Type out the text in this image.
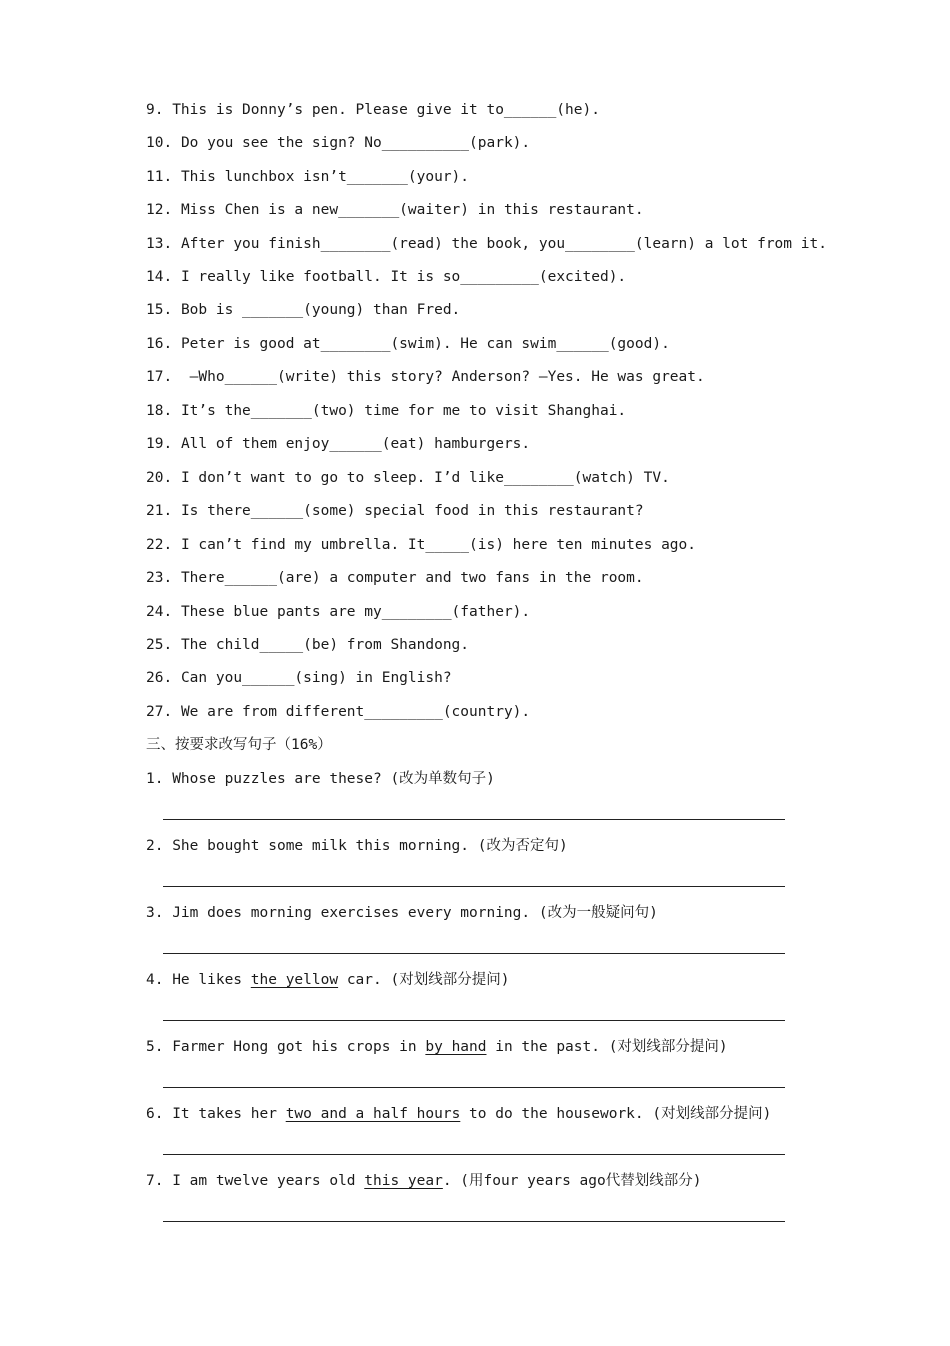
9. This is Donny’s pen. Please give it to______(he).
10. Do you see the sign? No__________(park).
11. This lunchbox isn’t_______(your).
12. Miss Chen is a new_______(waiter) in this restaurant.
13. After you finish________(read) the book, you________(learn) a lot from it.
14. I really like football. It is so_________(excited).
15. Bob is _______(young) than Fred.
16. Peter is good at________(swim). He can swim______(good).
17. –Who______(write) this story? Anderson? –Yes. He was great.
18. It’s the_______(two) time for me to visit Shanghai.
19. All of them enjoy______(eat) hamburgers.
20. I don’t want to go to sleep. I’d like________(watch) TV.
21. Is there______(some) special food in this restaurant?
22. I can’t find my umbrella. It_____(is) here ten minutes ago.
23. There______(are) a computer and two fans in the room.
24. These blue pants are my________(father).
25. The child_____(be) from Shandong.
26. Can you______(sing) in English?
27. We are from different_________(country).
三、按要求改写句子（16%）
1. Whose puzzles are these? (改为单数句子)
2. She bought some milk this morning. (改为否定句)
3. Jim does morning exercises every morning. (改为一般疑问句)
4. He likes the yellow car. (对划线部分提问)
5. Farmer Hong got his crops in by hand in the past. (对划线部分提问)
6. It takes her two and a half hours to do the housework. (对划线部分提问)
7. I am twelve years old this year. (用four years ago代替划线部分)
